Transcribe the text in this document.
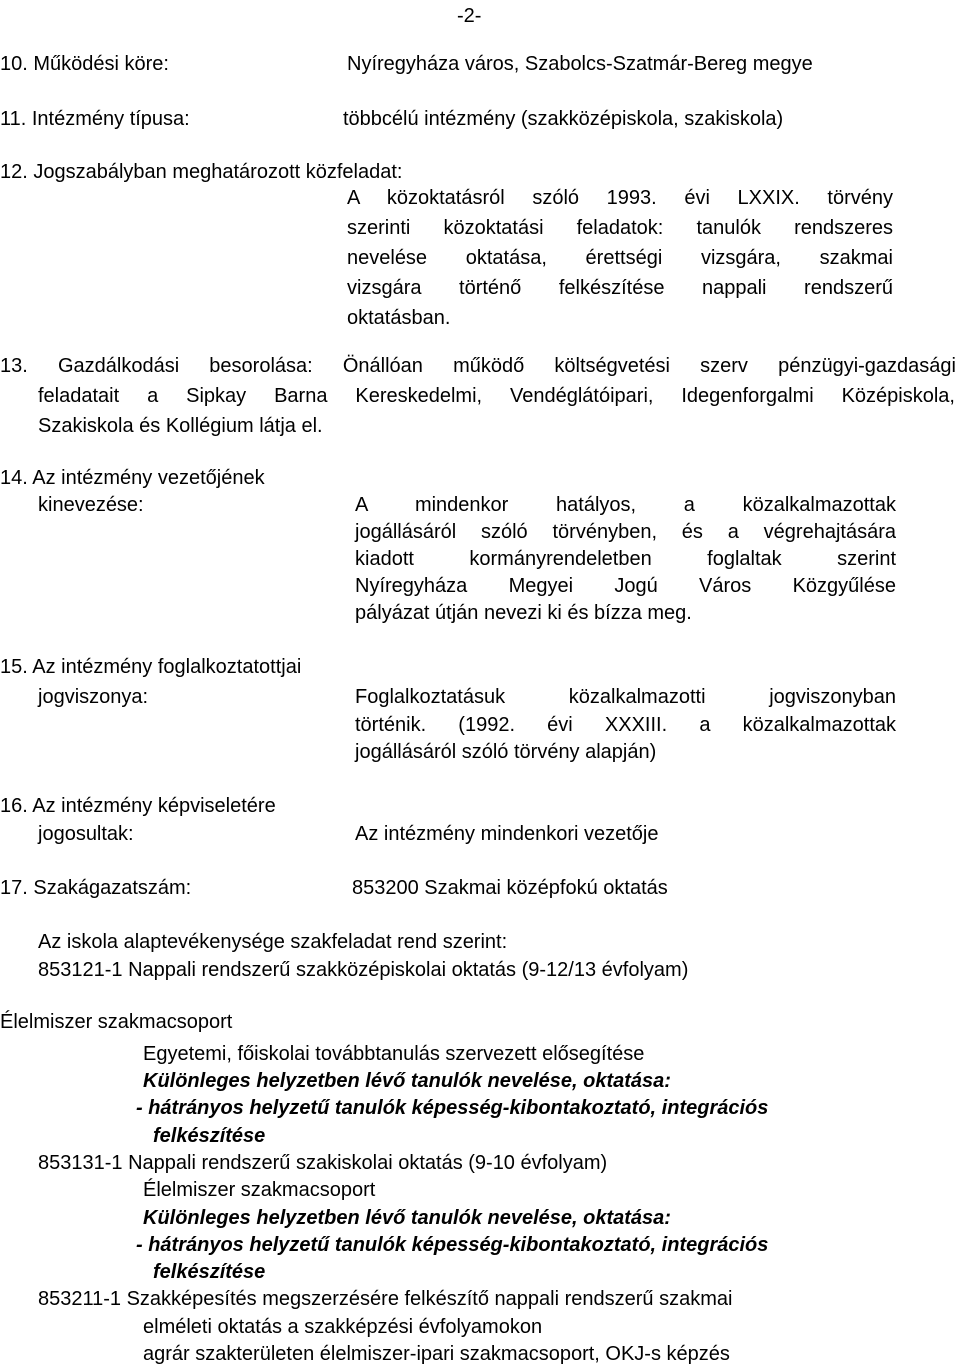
-2-
10. Működési köre:	Nyíregyháza város, Szabolcs-Szatmár-Bereg megye
11. Intézmény típusa:	többcélú intézmény (szakközépiskola, szakiskola)
12. Jogszabályban meghatározott közfeladat:
A közoktatásról szóló 1993. évi LXXIX. törvény
szerinti közoktatási feladatok: tanulók rendszeres
nevelése oktatása, érettségi vizsgára, szakmai
vizsgára történő felkészítése nappali rendszerű
oktatásban.
13. Gazdálkodási besorolása: Önállóan működő költségvetési szerv pénzügyi-gazdasági
feladatait a Sipkay Barna Kereskedelmi, Vendéglátóipari, Idegenforgalmi Középiskola,
Szakiskola és Kollégium látja el.
14. Az intézmény vezetőjének
kinevezése:	A mindenkor hatályos, a közalkalmazottak
jogállásáról szóló törvényben, és a végrehajtására
kiadott kormányrendeletben foglaltak szerint
Nyíregyháza Megyei Jogú Város Közgyűlése
pályázat útján nevezi ki és bízza meg.
15. Az intézmény foglalkoztatottjai
jogviszonya:	Foglalkoztatásuk közalkalmazotti jogviszonyban
történik. (1992. évi XXXIII. a közalkalmazottak
jogállásáról szóló törvény alapján)
16. Az intézmény képviseletére
jogosultak:	Az intézmény mindenkori vezetője
17. Szakágazatszám:	853200 Szakmai középfokú oktatás
Az iskola alaptevékenysége szakfeladat rend szerint:
853121-1 Nappali rendszerű szakközépiskolai oktatás (9-12/13 évfolyam)
Élelmiszer szakmacsoport
Egyetemi, főiskolai továbbtanulás szervezett elősegítése
Különleges helyzetben lévő tanulók nevelése, oktatása:
- hátrányos helyzetű tanulók képesség-kibontakoztató, integrációs
felkészítése
853131-1 Nappali rendszerű szakiskolai oktatás (9-10 évfolyam)
Élelmiszer szakmacsoport
Különleges helyzetben lévő tanulók nevelése, oktatása:
- hátrányos helyzetű tanulók képesség-kibontakoztató, integrációs
felkészítése
853211-1 Szakképesítés megszerzésére felkészítő nappali rendszerű szakmai
elméleti oktatás a szakképzési évfolyamokon
agrár szakterületen élelmiszer-ipari szakmacsoport, OKJ-s képzés
